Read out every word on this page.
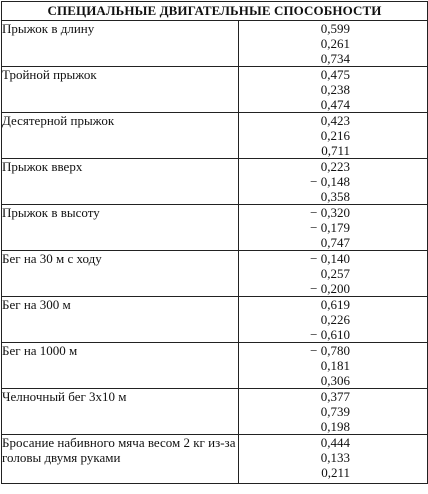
СПЕЦИАЛЬНЫЕ ДВИГАТЕЛЬНЫЕ СПОСОБНОСТИ	

Прыжок в длину	0,599
0,261
0,734

Тройной прыжок	0,475
0,238
0,474

Десятерной прыжок	0,423
0,216
0,711

Прыжок вверх	0,223
− 0,148
0,358

Прыжок в высоту	− 0,320
− 0,179
0,747

Бег на 30 м с ходу	− 0,140
0,257
− 0,200

Бег на 300 м	0,619
0,226
− 0,610

Бег на 1000 м	− 0,780
0,181
0,306

Челночный бег 3х10 м	0,377
0,739
0,198

Бросание набивного мяча весом 2 кг из-за головы двумя руками	0,444
0,133
0,211
